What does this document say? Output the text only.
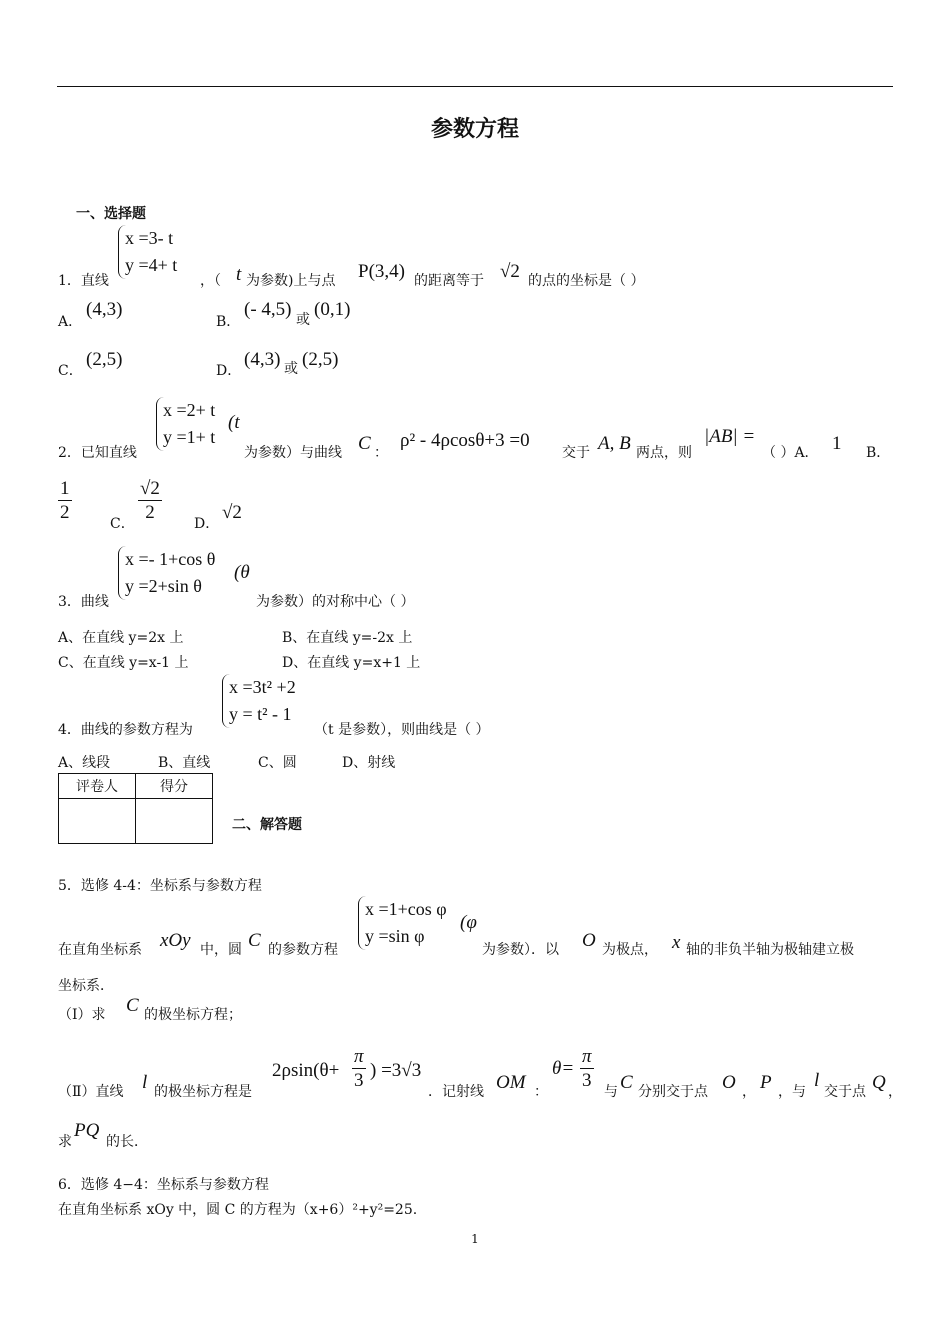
参数方程
一、选择题
x =3- t
y =4+ t
1．直线	，（ t 为参数)上与点 P(3,4) 的距离等于 √2 的点的坐标是（ ）
A．
(4,3)
B．
(- 4,5) 或 (0,1)
C．
(2,5)
D．
(4,3) 或 (2,5)
x =2+ t
y =1+ t
(t
2．已知直线	为参数）与曲线 C ：
ρ² - 4ρcosθ+3 =0
交于 A, B 两点，则
|AB| =
（ ）A． 1 B．
$\frac{1}{2}$	C． $\frac{√2}{2}$ D．
√2
x =- 1+cos θ
y =2+sin θ
(θ
3．曲线	为参数）的对称中心（ ）
A、在直线 y=2x 上	B、在直线 y=-2x 上
C、在直线 y=x-1 上	D、在直线 y=x+1 上
x =3t² +2
y = t² - 1
4．曲线的参数方程为	（t 是参数），则曲线是（ ）
A、线段	B、直线	C、圆	D、射线
评卷人	得分

二、解答题
5．选修 4-4：坐标系与参数方程
x =1+cos φ
y =sin φ
(φ
在直角坐标系 xOy 中，圆 C 的参数方程	为参数）．以 O 为极点， x 轴的非负半轴为极轴建立极
坐标系．
（Ⅰ）求 C 的极坐标方程；
（Ⅱ）直线 l 的极坐标方程是
$2\rho\sin(\theta+ \frac{\pi}{3}$ ) =3√3
．记射线 OM ：
$\theta= \frac{\pi}{3}$ 与 C 分别交于点 O ， P ，与
l
交于点 Q ，
求
PQ
的长．
6．选修 4−4：坐标系与参数方程
在直角坐标系 xOy 中，圆 C 的方程为（x+6）²+y²=25.
1
